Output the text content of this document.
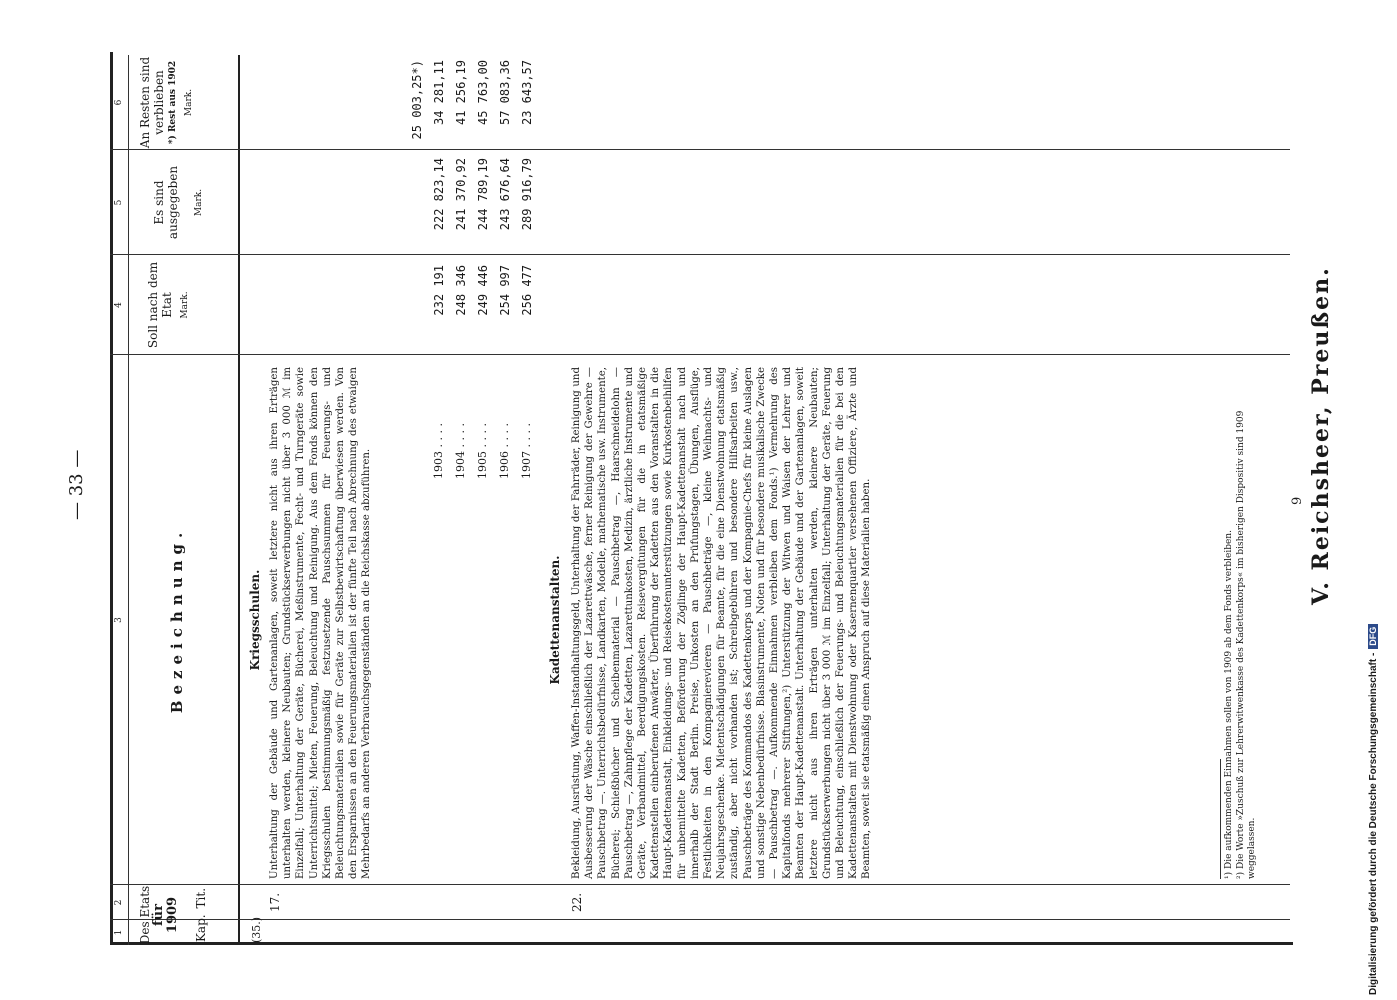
— 33 —	9 V. Reichsheer, Preußen.
Digitalisierung gefördert durch die Deutsche Forschungsgemeinschaft -DFG
1
2
3
4
5
6
Des Etats für 1909 Kap.
Tit.
Bezeichnung.
Soll nach dem Etat Mark.
Es sind ausgegeben Mark.
An Resten sind verblieben *) Rest aus 1902 Mark.
(35.)
Kriegsschulen.
17.
Unterhaltung der Gebäude und Gartenanlagen, soweit letztere nicht aus ihren Erträgen unterhalten werden, kleinere Neubauten; Grundstückserwerbungen nicht über 3 000 ℳ im Einzelfall; Unterhaltung der Geräte, Bücherei, Meßinstrumente, Fecht- und Turngeräte sowie Unterrichtsmittel; Mieten, Feuerung, Beleuchtung und Reinigung. Aus dem Fonds können den Kriegsschulen bestimmungsmäßig festzusetzende Pauschsummen für Feuerungs- und Beleuchtungsmaterialien sowie für Geräte zur Selbstbewirtschaftung überwiesen werden. Von den Ersparnissen an den Feuerungsmaterialien ist der fünfte Teil nach Abrechnung des etwaigen Mehrbedarfs an anderen Verbrauchsgegenständen an die Reichskasse abzuführen.
25 003,25*)
1903 . . . .
232 191
222 823,14
34 281,11
1904 . . . .
248 346
241 370,92
41 256,19
1905 . . . .
249 446
244 789,19
45 763,00
1906 . . . .
254 997
243 676,64
57 083,36
1907 . . . .
256 477
289 916,79
23 643,57
Kadettenanstalten.
22.
Bekleidung, Ausrüstung, Waffen-Instandhaltungsgeld, Unterhaltung der Fahrräder, Reinigung und Ausbesserung der Wäsche einschließlich der Lazarettwäsche, ferner Reinigung der Gewehre — Pauschbetrag —. Unterrichtsbedürfnisse, Landkarten, Modelle, mathematische usw. Instrumente, Bücherei; Schießbücher und Scheibenmaterial — Pauschbetrag —, Haarschneidelohn — Pauschbetrag —, Zahnpflege der Kadetten, Lazarettunkosten, Medizin, ärztliche Instrumente und Geräte, Verbandmittel, Beerdigungskosten. Reisevergütungen für die in etatsmäßige Kadettenstellen einberufenen Anwärter, Überführung der Kadetten aus den Voranstalten in die Haupt-Kadettenanstalt, Einkleidungs- und Reisekostenunterstützungen sowie Kurkostenbeihilfen für unbemittelte Kadetten, Beförderung der Zöglinge der Haupt-Kadettenanstalt nach und innerhalb der Stadt Berlin. Preise, Unkosten an den Prüfungstagen, Übungen, Ausflüge, Festlichkeiten in den Kompagnierevieren — Pauschbeträge —, kleine Weihnachts- und Neujahrsgeschenke. Mietentschädigungen für Beamte, für die eine Dienstwohnung etatsmäßig zuständig, aber nicht vorhanden ist; Schreibgebühren und besondere Hilfsarbeiten usw., Pauschbeträge des Kommandos des Kadettenkorps und der Kompagnie-Chefs für kleine Auslagen und sonstige Nebenbedürfnisse. Blasinstrumente, Noten und für besondere musikalische Zwecke — Pauschbetrag —. Aufkommende Einnahmen verbleiben dem Fonds.¹) Vermehrung des Kapitalfonds mehrerer Stiftungen,²) Unterstützung der Witwen und Waisen der Lehrer und Beamten der Haupt-Kadettenanstalt. Unterhaltung der Gebäude und der Gartenanlagen, soweit letztere nicht aus ihren Erträgen unterhalten werden, kleinere Neubauten; Grundstückserwerbungen nicht über 3 000 ℳ im Einzelfall; Unterhaltung der Geräte, Feuerung und Beleuchtung, einschließlich der Feuerungs- und Beleuchtungsmaterialien für die bei den Kadettenanstalten mit Dienstwohnung oder Kasernenquartier versehenen Offiziere, Ärzte und Beamten, soweit sie etatsmäßig einen Anspruch auf diese Materialien haben.	¹) Die aufkommenden Einnahmen sollen von 1909 ab dem Fonds verbleiben. ²) Die Worte »Zuschuß zur Lehrerwitwenkasse des Kadettenkorps« im bisherigen Dispositiv sind 1909 weggelassen.
